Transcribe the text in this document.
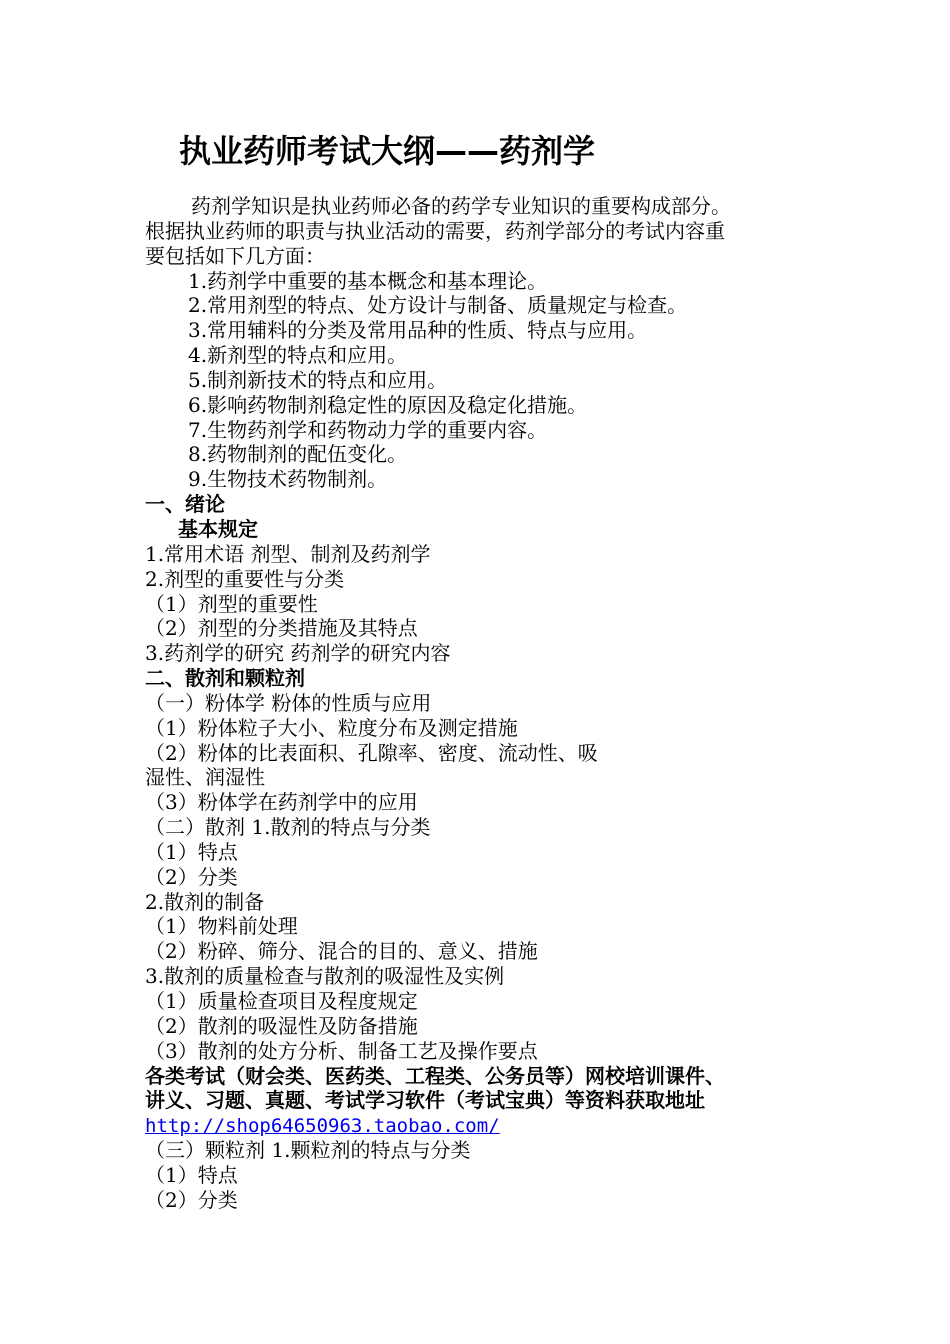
执业药师考试大纲——药剂学
药剂学知识是执业药师必备的药学专业知识的重要构成部分。
根据执业药师的职责与执业活动的需要，药剂学部分的考试内容重
要包括如下几方面：
1.药剂学中重要的基本概念和基本理论。
2.常用剂型的特点、处方设计与制备、质量规定与检查。
3.常用辅料的分类及常用品种的性质、特点与应用。
4.新剂型的特点和应用。
5.制剂新技术的特点和应用。
6.影响药物制剂稳定性的原因及稳定化措施。
7.生物药剂学和药物动力学的重要内容。
8.药物制剂的配伍变化。
9.生物技术药物制剂。
一、绪论
基本规定
1.常用术语 剂型、制剂及药剂学
2.剂型的重要性与分类
（1）剂型的重要性
（2）剂型的分类措施及其特点
3.药剂学的研究 药剂学的研究内容
二、散剂和颗粒剂
（一）粉体学 粉体的性质与应用
（1）粉体粒子大小、粒度分布及测定措施
（2）粉体的比表面积、孔隙率、密度、流动性、吸
湿性、润湿性
（3）粉体学在药剂学中的应用
（二）散剂 1.散剂的特点与分类
（1）特点
（2）分类
2.散剂的制备
（1）物料前处理
（2）粉碎、筛分、混合的目的、意义、措施
3.散剂的质量检查与散剂的吸湿性及实例
（1）质量检查项目及程度规定
（2）散剂的吸湿性及防备措施
（3）散剂的处方分析、制备工艺及操作要点
各类考试（财会类、医药类、工程类、公务员等）网校培训课件、
讲义、习题、真题、考试学习软件（考试宝典）等资料获取地址
http://shop64650963.taobao.com/
（三）颗粒剂 1.颗粒剂的特点与分类
（1）特点
（2）分类
